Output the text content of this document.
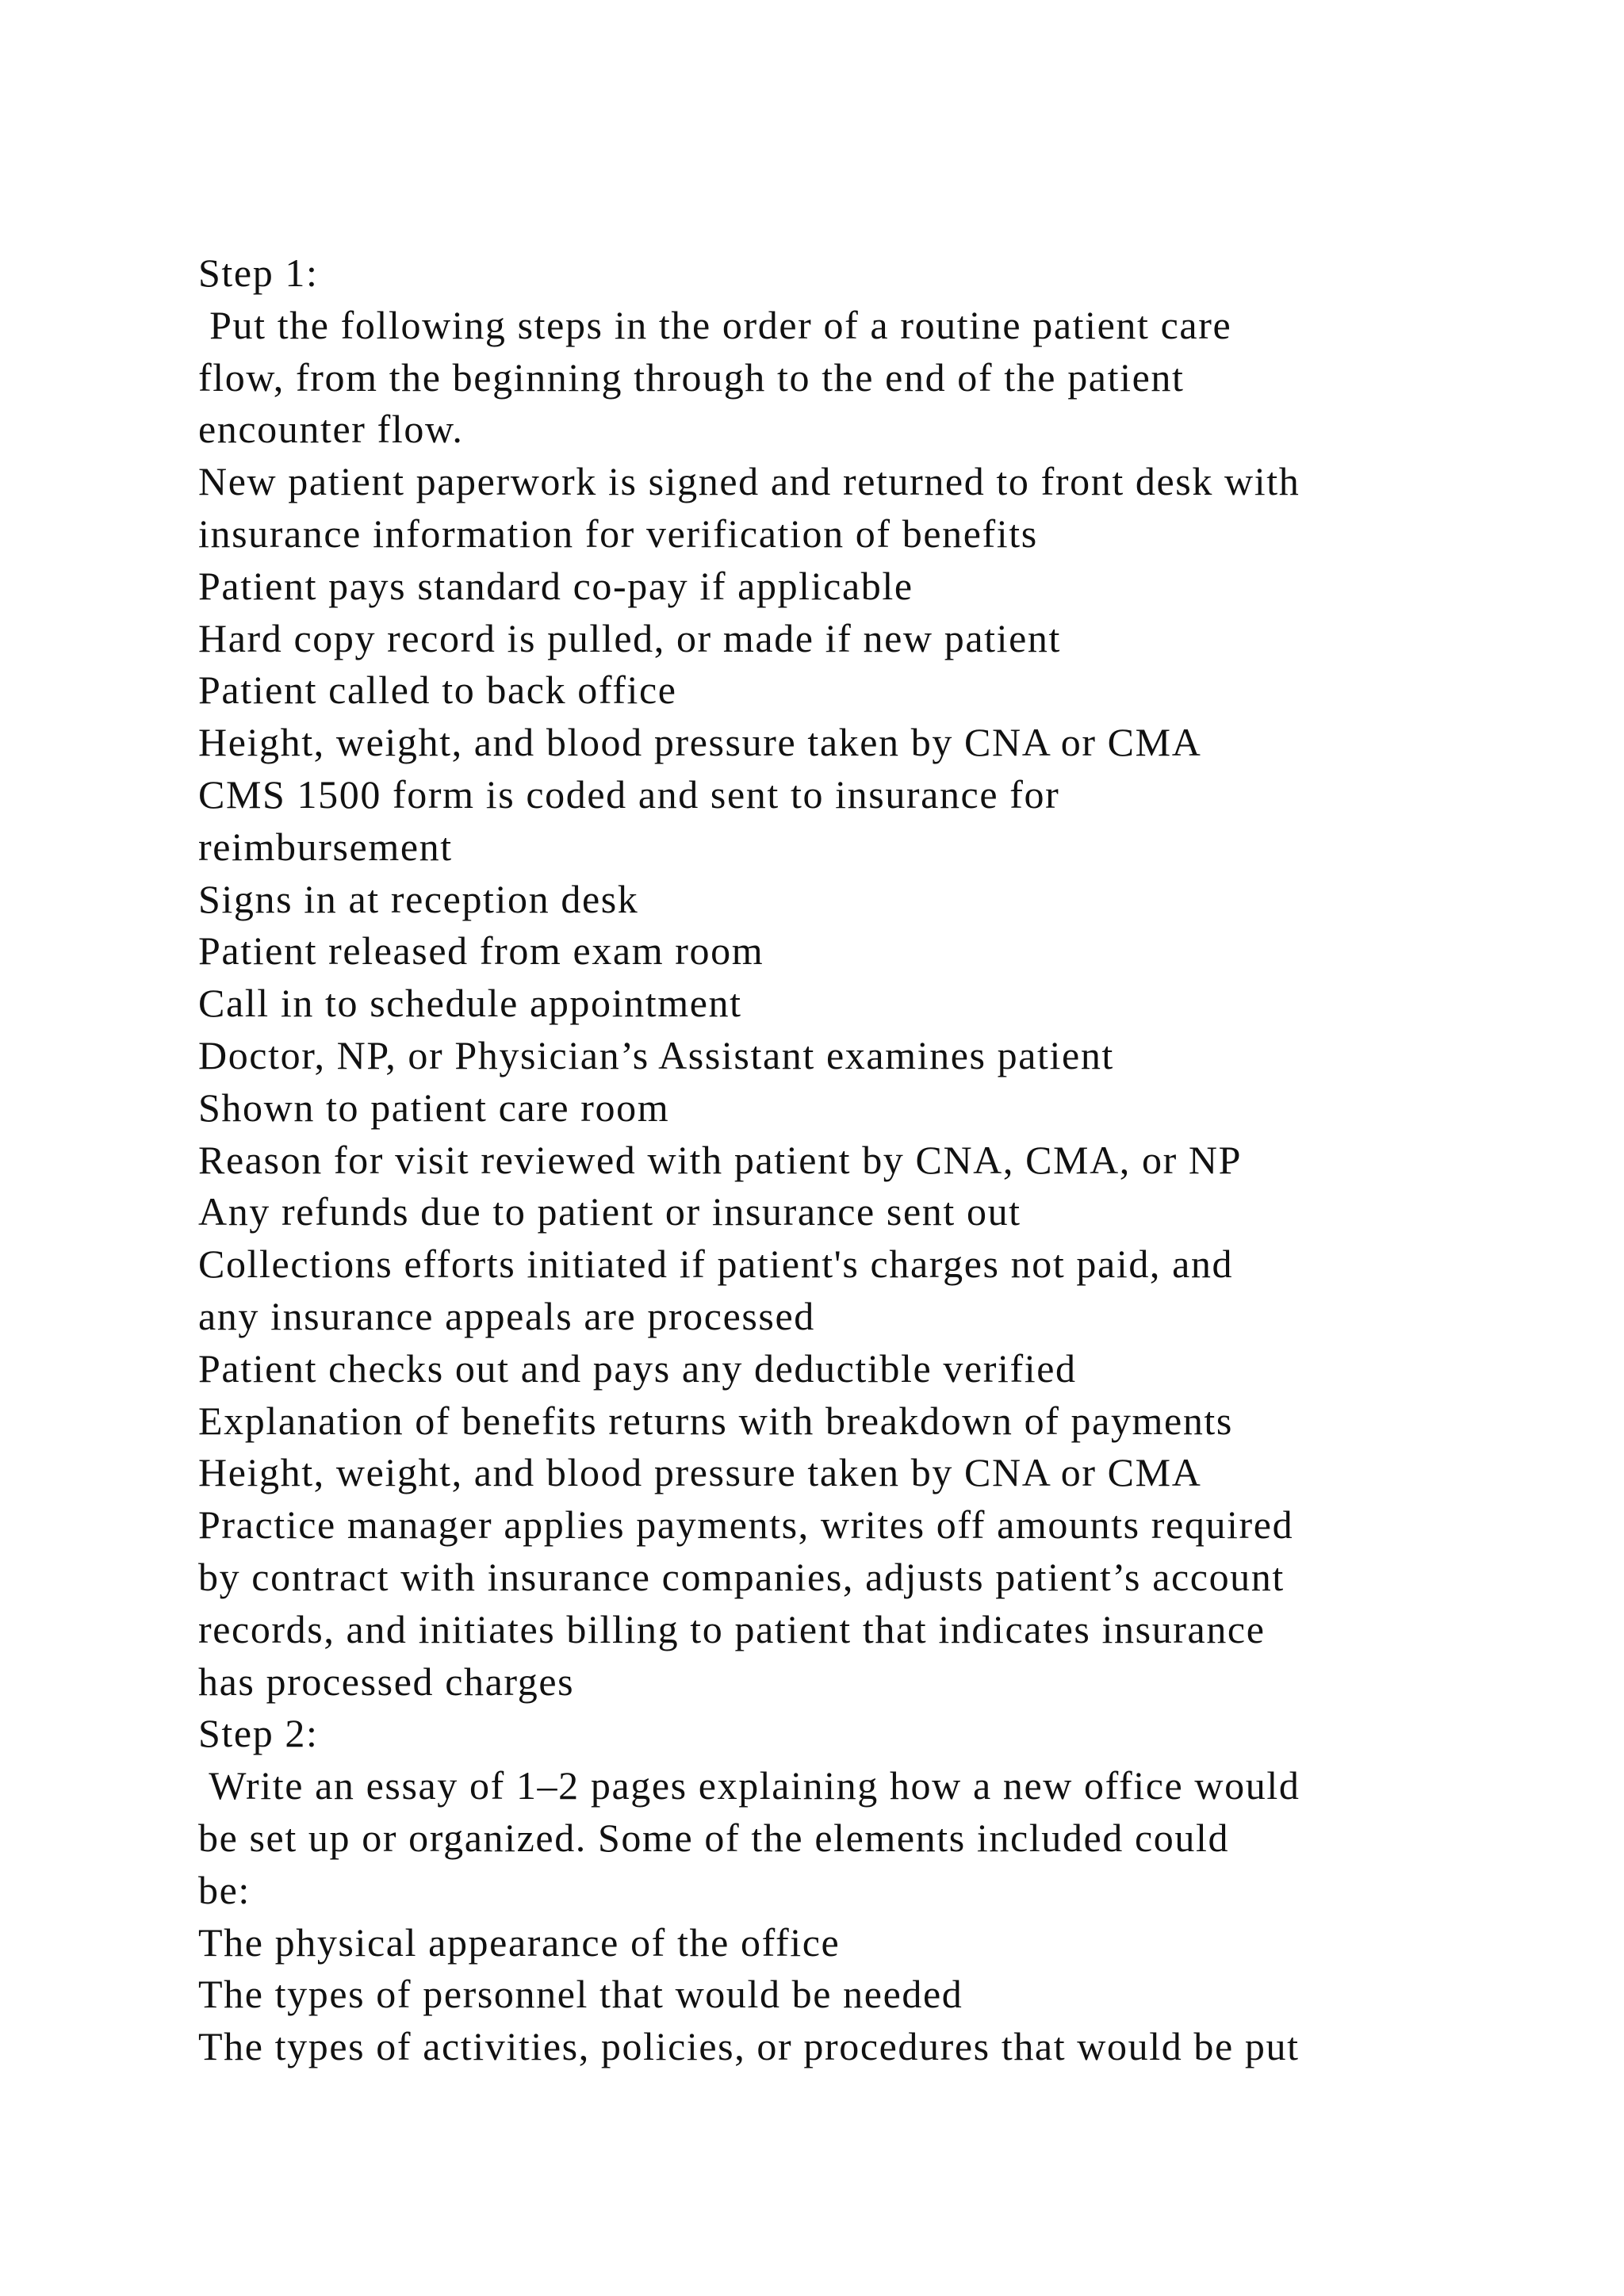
Step 1:
Put the following steps in the order of a routine patient care
flow, from the beginning through to the end of the patient
encounter flow.
New patient paperwork is signed and returned to front desk with
insurance information for verification of benefits
Patient pays standard co-pay if applicable
Hard copy record is pulled, or made if new patient
Patient called to back office
Height, weight, and blood pressure taken by CNA or CMA
CMS 1500 form is coded and sent to insurance for
reimbursement
Signs in at reception desk
Patient released from exam room
Call in to schedule appointment
Doctor, NP, or Physician’s Assistant examines patient
Shown to patient care room
Reason for visit reviewed with patient by CNA, CMA, or NP
Any refunds due to patient or insurance sent out
Collections efforts initiated if patient's charges not paid, and
any insurance appeals are processed
Patient checks out and pays any deductible verified
Explanation of benefits returns with breakdown of payments
Height, weight, and blood pressure taken by CNA or CMA
Practice manager applies payments, writes off amounts required
by contract with insurance companies, adjusts patient’s account
records, and initiates billing to patient that indicates insurance
has processed charges
Step 2:
Write an essay of 1–2 pages explaining how a new office would
be set up or organized. Some of the elements included could
be:
The physical appearance of the office
The types of personnel that would be needed
The types of activities, policies, or procedures that would be put
